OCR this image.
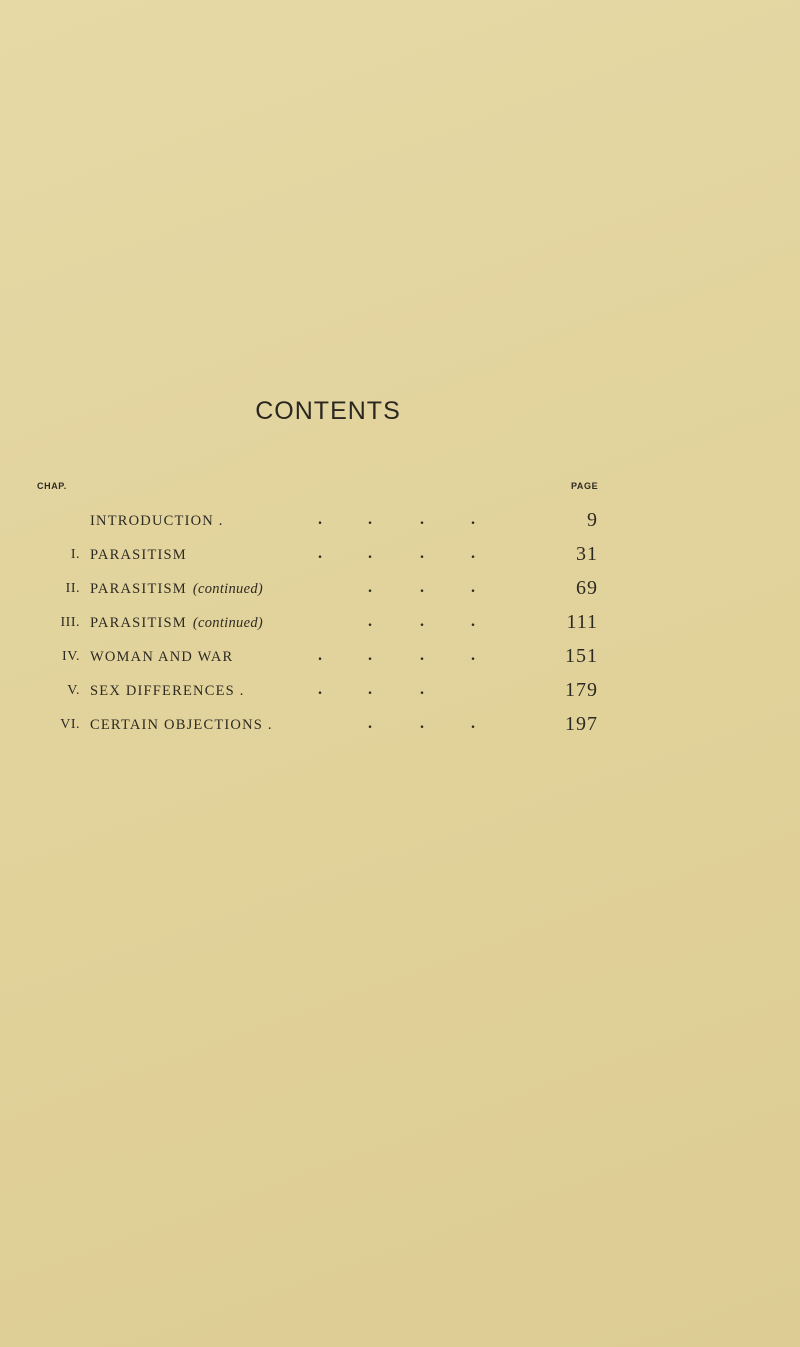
CONTENTS
CHAP.	PAGE
INTRODUCTION .	.	.	.	.	9
I. PARASITISM	.	.	.	.	31
II. PARASITISM (continued)	.	.	.	69
III. PARASITISM (continued)	.	.	.	111
IV. WOMAN AND WAR	.	.	.	.	151
V. SEX DIFFERENCES .	.	.	.	179
VI. CERTAIN OBJECTIONS .	.	.	.	197
